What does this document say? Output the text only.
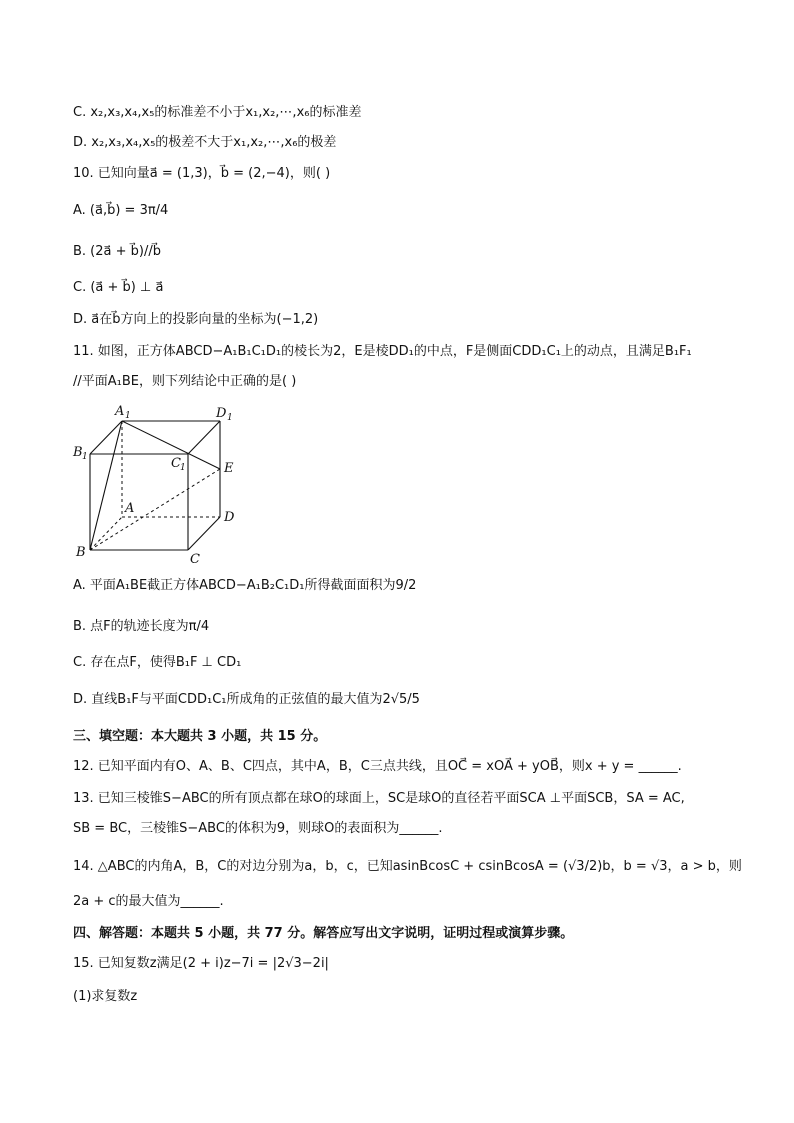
C. x₂,x₃,x₄,x₅的标准差不小于x₁,x₂,⋯,x₆的标准差
D. x₂,x₃,x₄,x₅的极差不大于x₁,x₂,⋯,x₆的极差
10. 已知向量a⃗ = (1,3)，b⃗ = (2,−4)，则( )
A. (a⃗,b⃗) = 3π/4
B. (2a⃗ + b⃗)//b⃗
C. (a⃗ + b⃗) ⊥ a⃗
D. a⃗在b⃗方向上的投影向量的坐标为(−1,2)
11. 如图，正方体ABCD−A₁B₁C₁D₁的棱长为2，E是棱DD₁的中点，F是侧面CDD₁C₁上的动点，且满足B₁F₁
//平面A₁BE，则下列结论中正确的是( )
A 1	D 1
B 1	C 1	E
A
D
B	C
A. 平面A₁BE截正方体ABCD−A₁B₂C₁D₁所得截面面积为9/2
B. 点F的轨迹长度为π/4
C. 存在点F，使得B₁F ⊥ CD₁
D. 直线B₁F与平面CDD₁C₁所成角的正弦值的最大值为2√5/5
三、填空题：本大题共 3 小题，共 15 分。
12. 已知平面内有O、A、B、C四点，其中A，B，C三点共线，且OC⃗ = xOA⃗ + yOB⃗，则x + y = ______.
13. 已知三棱锥S−ABC的所有顶点都在球O的球面上，SC是球O的直径若平面SCA ⊥平面SCB，SA = AC,
SB = BC，三棱锥S−ABC的体积为9，则球O的表面积为______.
14. △ABC的内角A，B，C的对边分别为a，b，c，已知asinBcosC + csinBcosA = (√3/2)b，b = √3，a > b，则
2a + c的最大值为______.
四、解答题：本题共 5 小题，共 77 分。解答应写出文字说明，证明过程或演算步骤。
15. 已知复数z满足(2 + i)z−7i = |2√3−2i|
(1)求复数z
